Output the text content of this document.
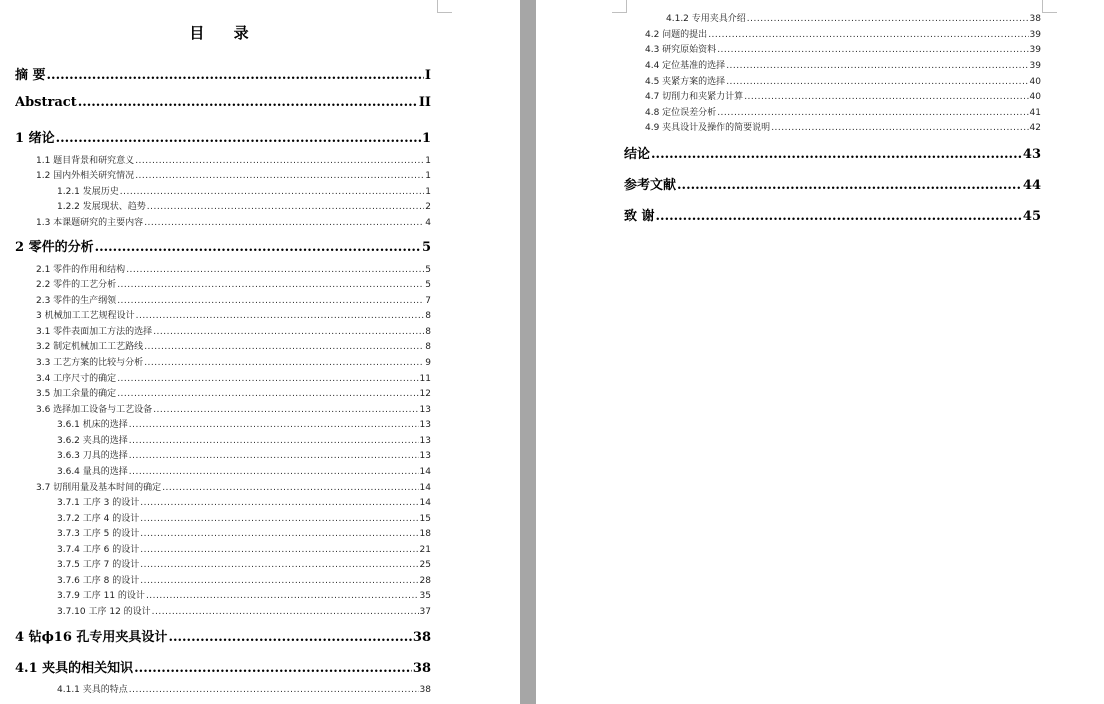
目 录
摘 要 .....	I
Abstract .....	II
1 绪论 .....	1
1.1 题目背景和研究意义 .....	1
1.2 国内外相关研究情况 .....	1
1.2.1 发展历史 .....	1
1.2.2 发展现状、趋势 .....	2
1.3 本课题研究的主要内容 .....	4
2 零件的分析 .....	5
2.1 零件的作用和结构 .....	5
2.2 零件的工艺分析 .....	5
2.3 零件的生产纲领 .....	7
3 机械加工工艺规程设计 .....	8
3.1 零件表面加工方法的选择 .....	8
3.2 制定机械加工工艺路线 .....	8
3.3 工艺方案的比较与分析 .....	9
3.4 工序尺寸的确定 .....	11
3.5 加工余量的确定 .....	12
3.6 选择加工设备与工艺设备 .....	13
3.6.1 机床的选择 .....	13
3.6.2 夹具的选择 .....	13
3.6.3 刀具的选择 .....	13
3.6.4 量具的选择 .....	14
3.7 切削用量及基本时间的确定 .....	14
3.7.1 工序 3 的设计 .....	14
3.7.2 工序 4 的设计 .....	15
3.7.3 工序 5 的设计 .....	18
3.7.4 工序 6 的设计 .....	21
3.7.5 工序 7 的设计 .....	25
3.7.6 工序 8 的设计 .....	28
3.7.9 工序 11 的设计 .....	35
3.7.10 工序 12 的设计 .....	37
4 钻ϕ16 孔专用夹具设计 .....	38
4.1 夹具的相关知识 .....	38
4.1.1 夹具的特点 .....	38
4.1.2 专用夹具介绍 .....	38
4.2 问题的提出 .....	39
4.3 研究原始资料 .....	39
4.4 定位基准的选择 .....	39
4.5 夹紧方案的选择 .....	40
4.7 切削力和夹紧力计算 .....	40
4.8 定位误差分析 .....	41
4.9 夹具设计及操作的简要说明 .....	42
结论 .....	43
参考文献 .....	44
致 谢 .....	45
